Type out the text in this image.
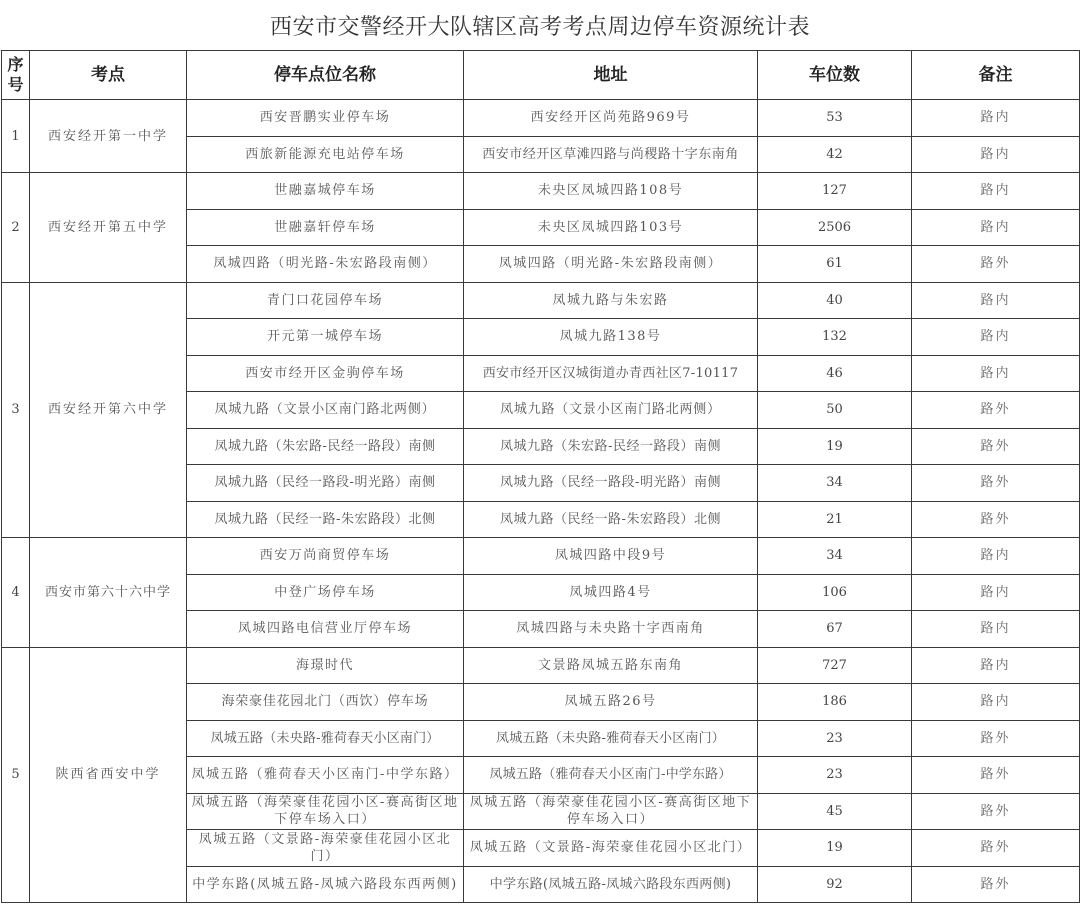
西安市交警经开大队辖区高考考点周边停车资源统计表
序号	考点	停车点位名称	地址	车位数	备注
1	西安经开第一中学	西安晋鹏实业停车场	西安经开区尚苑路969号	53	路内
		西旅新能源充电站停车场	西安市经开区草滩四路与尚稷路十字东南角	42	路内
2	西安经开第五中学	世融嘉城停车场	未央区凤城四路108号	127	路内
		世融嘉轩停车场	未央区凤城四路103号	2506	路内
		凤城四路（明光路-朱宏路段南侧）	凤城四路（明光路-朱宏路段南侧）	61	路外
3	西安经开第六中学	青门口花园停车场	凤城九路与朱宏路	40	路内
		开元第一城停车场	凤城九路138号	132	路内
		西安市经开区金驹停车场	西安市经开区汉城街道办青西社区7-10117	46	路内
		凤城九路（文景小区南门路北两侧）	凤城九路（文景小区南门路北两侧）	50	路外
		凤城九路（朱宏路-民经一路段）南侧	凤城九路（朱宏路-民经一路段）南侧	19	路外
		凤城九路（民经一路段-明光路）南侧	凤城九路（民经一路段-明光路）南侧	34	路外
		凤城九路（民经一路-朱宏路段）北侧	凤城九路（民经一路-朱宏路段）北侧	21	路外
4	西安市第六十六中学	西安万尚商贸停车场	凤城四路中段9号	34	路内
		中登广场停车场	凤城四路4号	106	路内
		凤城四路电信营业厅停车场	凤城四路与未央路十字西南角	67	路内
5	陕西省西安中学	海璟时代	文景路凤城五路东南角	727	路内
		海荣豪佳花园北门（西饮）停车场	凤城五路26号	186	路内
		凤城五路（未央路-雅荷春天小区南门）	凤城五路（未央路-雅荷春天小区南门）	23	路外
		凤城五路（雅荷春天小区南门-中学东路）	凤城五路（雅荷春天小区南门-中学东路）	23	路外
		凤城五路（海荣豪佳花园小区-赛高街区地下停车场入口）	凤城五路（海荣豪佳花园小区-赛高街区地下停车场入口）	45	路外
		凤城五路（文景路-海荣豪佳花园小区北门）	凤城五路（文景路-海荣豪佳花园小区北门）	19	路外
		中学东路(凤城五路-凤城六路段东西两侧)	中学东路(凤城五路-凤城六路段东西两侧)	92	路外
